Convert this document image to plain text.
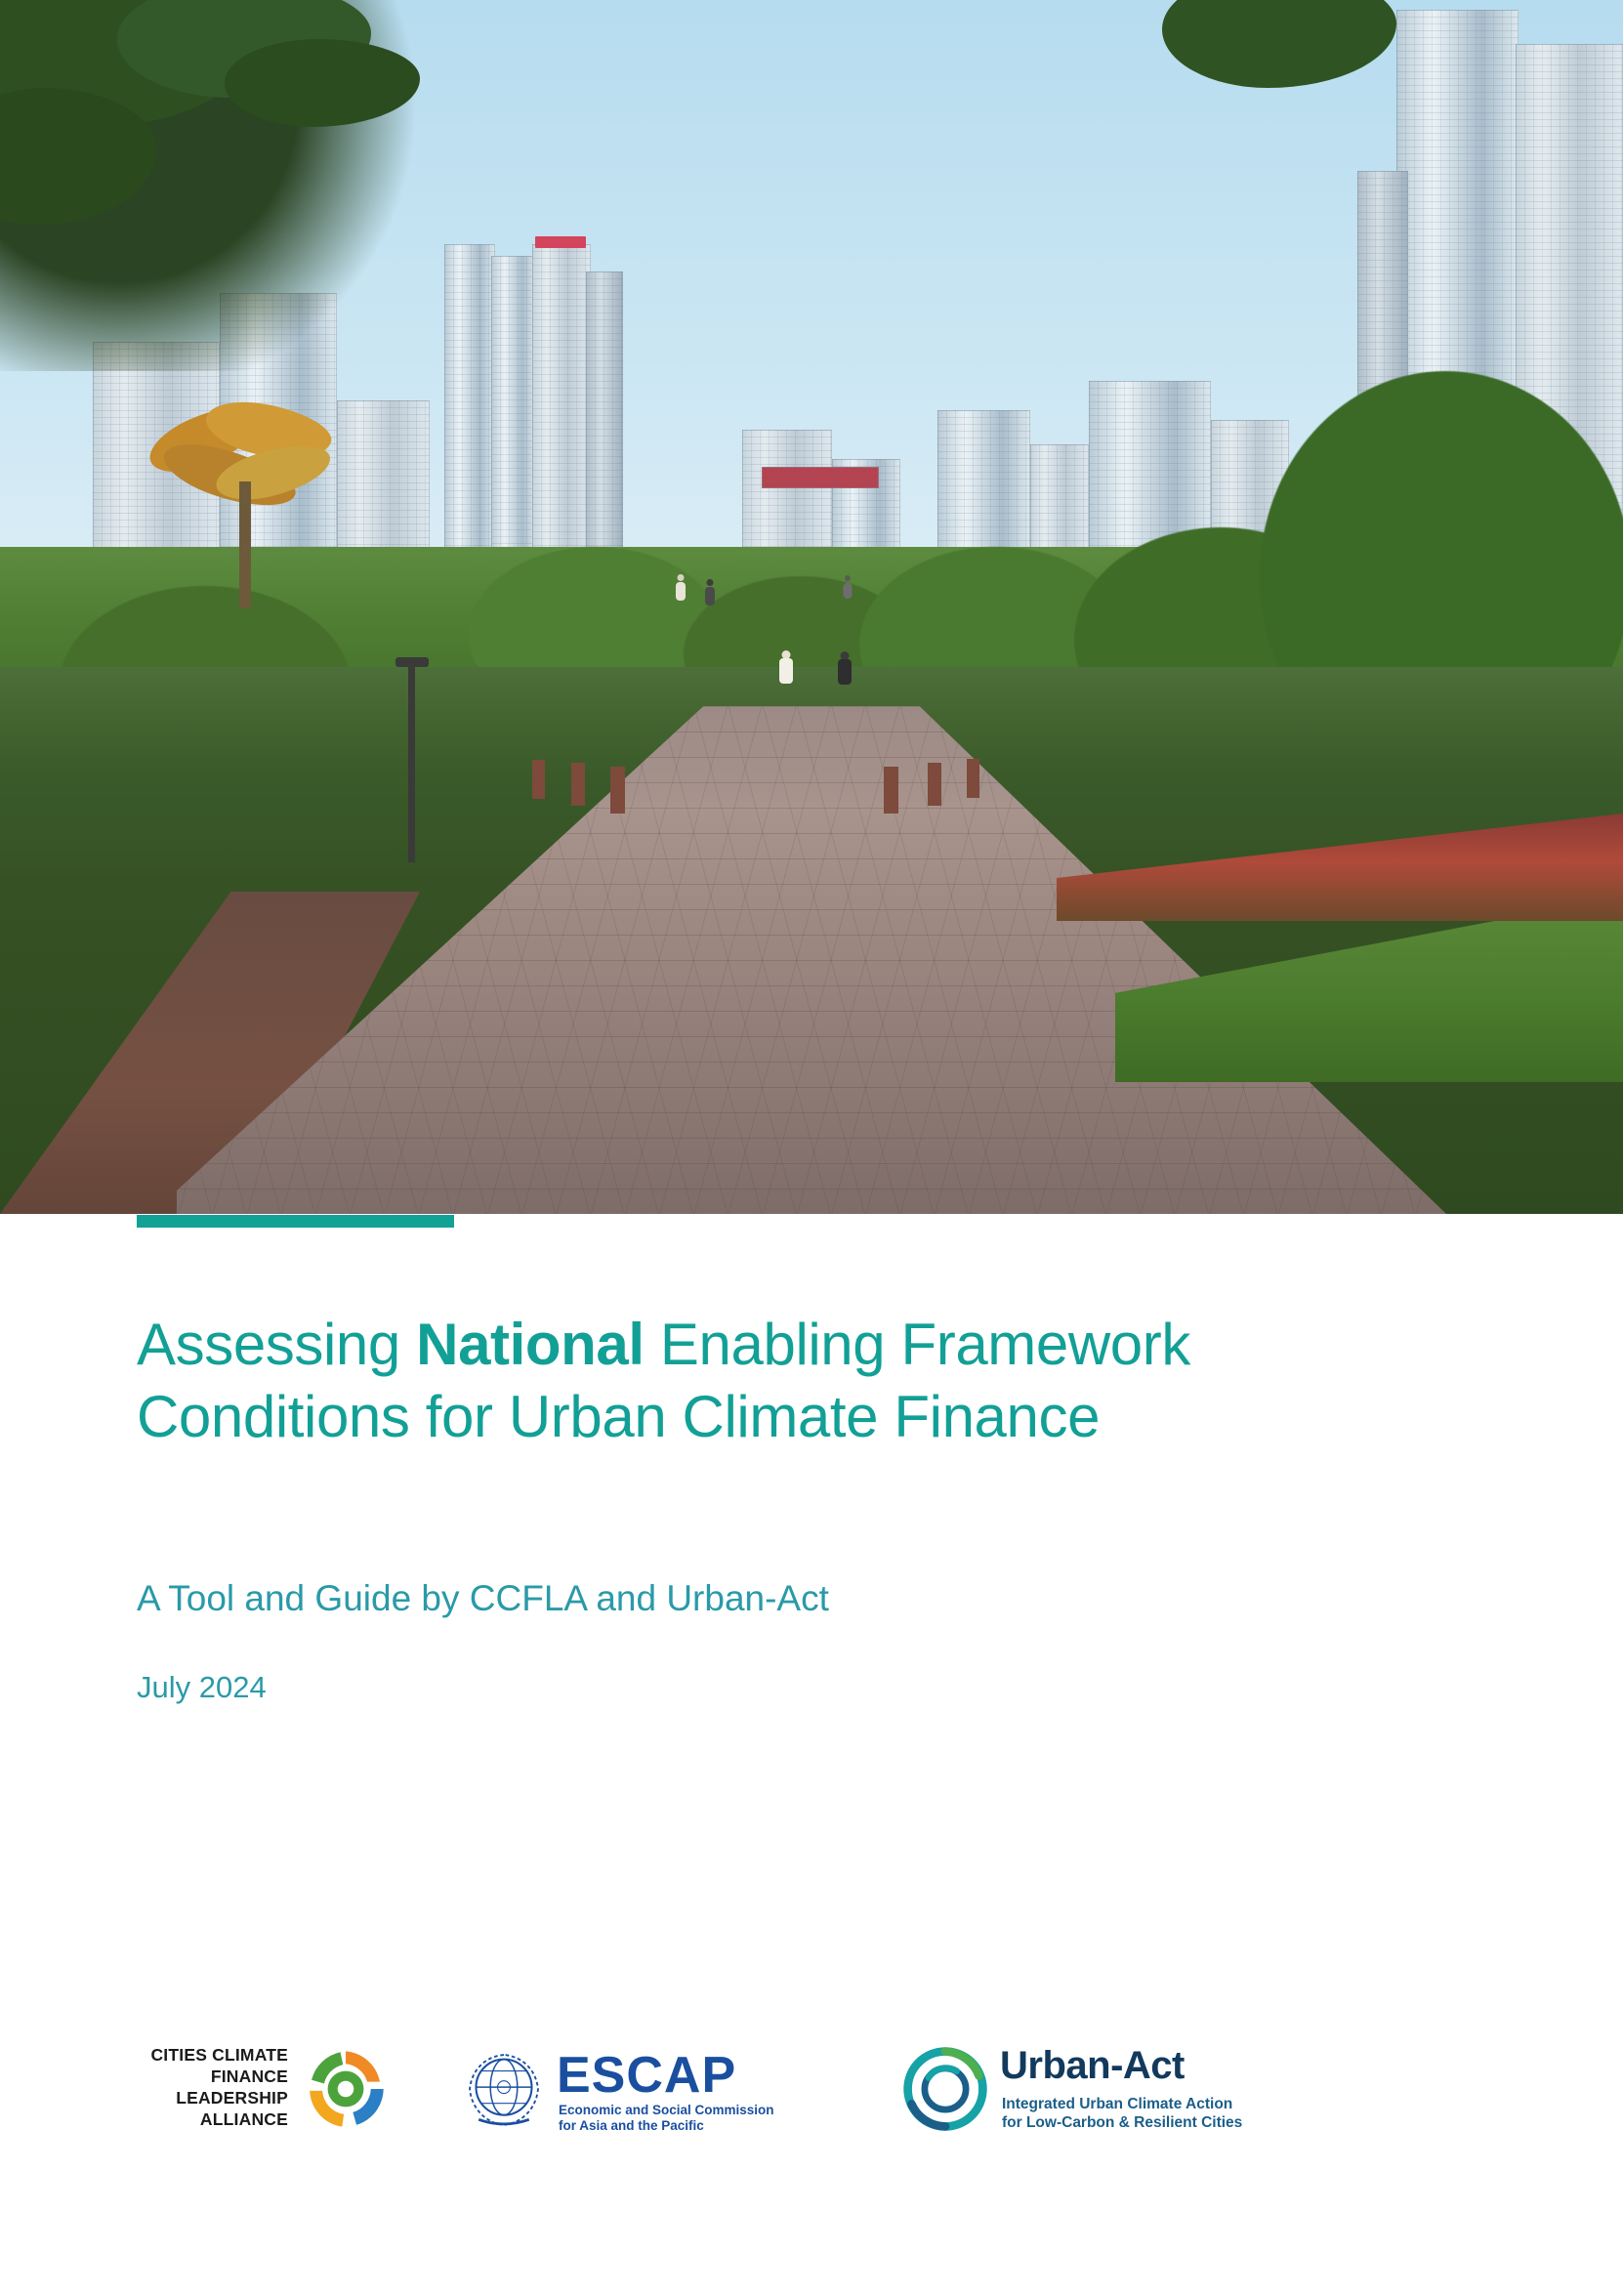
Assessing National Enabling Framework Conditions for Urban Climate Finance
A Tool and Guide by CCFLA and Urban-Act
July 2024
CITIES CLIMATE
FINANCE
LEADERSHIP
ALLIANCE
ESCAP
Economic and Social Commission
for Asia and the Pacific
Urban-Act
Integrated Urban Climate Action
for Low-Carbon & Resilient Cities
